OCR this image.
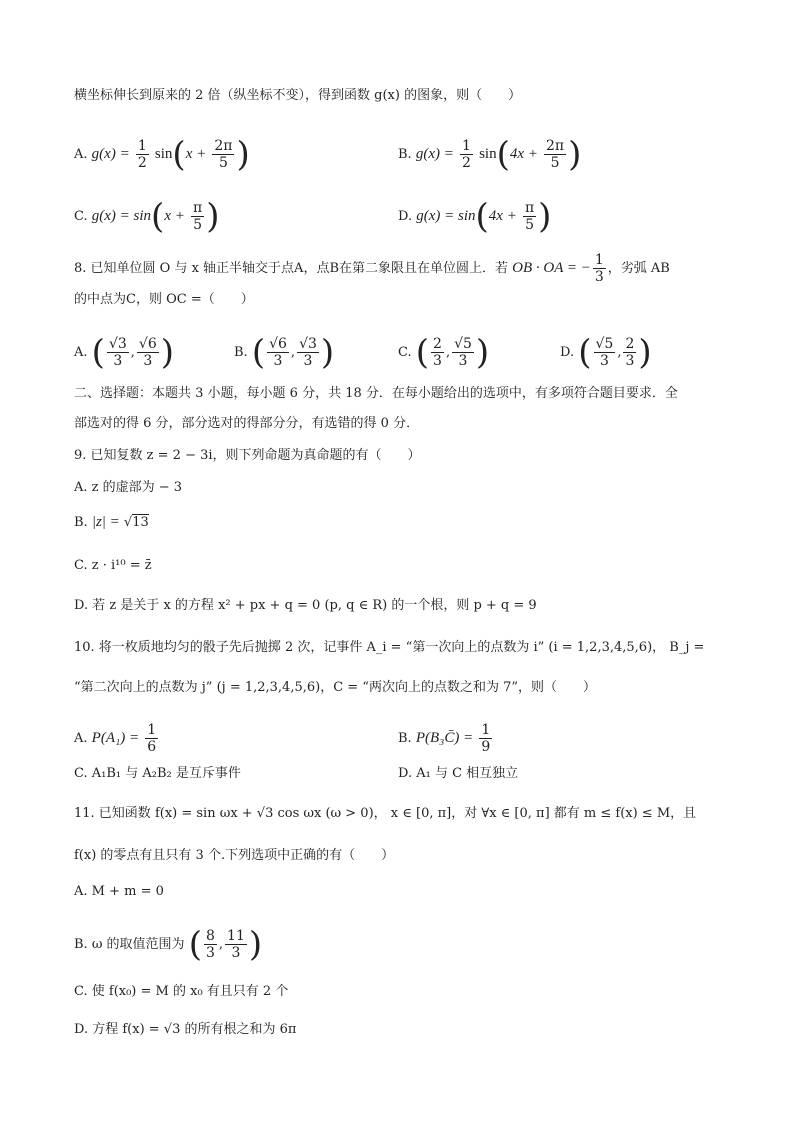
横坐标伸长到原来的 2 倍（纵坐标不变），得到函数 g(x) 的图象，则（　　）
A. $g(x) = \frac{1}{2} \sin(x + \frac{2\pi}{5}$ )	B. $g(x) = \frac{1}{2} \sin(4x + \frac{2\pi}{5}$ )
C. $g(x) = \sin(x + \frac{\pi}{5}$ )	D. $g(x) = \sin(4x + \frac{\pi}{5}$ )
8. 已知单位圆 O 与 x 轴正半轴交于点A，点B在第二象限且在单位圆上．若 OB · OA = − $\frac{1}{3}$ ，劣弧 AB
的中点为C，则 OC =（　　）
A. ( $\frac{√3}{3}$ , $\frac{√6}{3}$ )	B. ( $\frac{√6}{3}$ , $\frac{√3}{3}$ )	C. ( $\frac{2}{3}$ , $\frac{√5}{3}$ )	D. ( $\frac{√5}{3}$ , $\frac{2}{3}$ )
二、选择题：本题共 3 小题，每小题 6 分，共 18 分．在每小题给出的选项中，有多项符合题目要求．全
部选对的得 6 分，部分选对的得部分分，有选错的得 0 分．
9. 已知复数 z = 2 − 3i，则下列命题为真命题的有（　　）
A. z 的虚部为 − 3
B. |z| = √13
C. z · i¹⁰ = z̄
D. 若 z 是关于 x 的方程 x² + px + q = 0 (p, q ∈ R) 的一个根，则 p + q = 9
10. 将一枚质地均匀的骰子先后抛掷 2 次，记事件 A_i = “第一次向上的点数为 i” (i = 1,2,3,4,5,6)， B_j =
“第二次向上的点数为 j” (j = 1,2,3,4,5,6)，C = “两次向上的点数之和为 7”，则（　　）
A. $P(A_1) = \frac{1}{6}$	B. P(B₃C̄) = $\frac{1}{9}$
C. A₁B₁ 与 A₂B₂ 是互斥事件	D. A₁ 与 C 相互独立
11. 已知函数 f(x) = sin ωx + √3 cos ωx (ω > 0)， x ∈ [0, π]，对 ∀x ∈ [0, π] 都有 m ≤ f(x) ≤ M，且
f(x) 的零点有且只有 3 个.下列选项中正确的有（　　）
A. M + m = 0
B. ω 的取值范围为 ( $\frac{8}{3}$ , $\frac{11}{3}$ )
C. 使 f(x₀) = M 的 x₀ 有且只有 2 个
D. 方程 f(x) = √3 的所有根之和为 6π
